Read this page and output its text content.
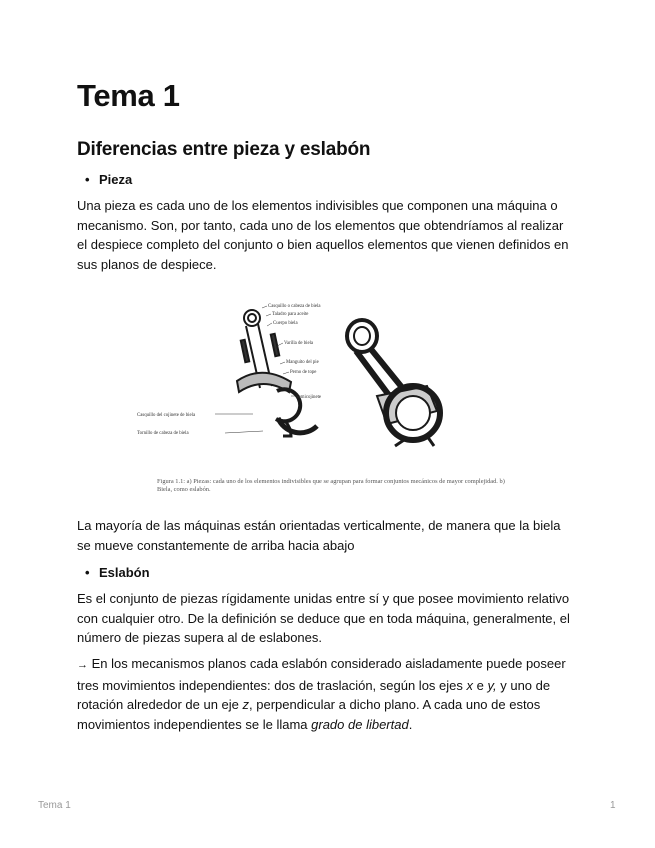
Tema 1
Diferencias entre pieza y eslabón
• Pieza

Una pieza es cada uno de los elementos indivisibles que componen una máquina o mecanismo. Son, por tanto, cada uno de los elementos que obtendríamos al realizar el despiece completo del conjunto o bien aquellos elementos que vienen definidos en sus planos de despiece.

La mayoría de las máquinas están orientadas verticalmente, de manera que la biela se mueve constantemente de arriba hacia abajo

• Eslabón

Es el conjunto de piezas rígidamente unidas entre sí y que posee movimiento relativo con cualquier otro. De la definición se deduce que en toda máquina, generalmente, el número de piezas supera al de eslabones.

→ En los mecanismos planos cada eslabón considerado aisladamente puede poseer tres movimientos independientes: dos de traslación, según los ejes x e y, y uno de rotación alrededor de un eje z, perpendicular a dicho plano. A cada uno de estos movimientos independientes se le llama grado de libertad.

Casquillo o cabeza de biela
Taladro para aceite
Cuerpo biela
Varilla de biela
Manguito del pie
Perno de tope
Semicojinete
Casquillo del cojinete de biela
Tornillo de cabeza de biela
Figura 1.1: a) Piezas: cada uno de los elementos indivisibles que se agrupan para formar conjuntos mecánicos de mayor complejidad. b) Biela, como eslabón.
Tema 1	1
